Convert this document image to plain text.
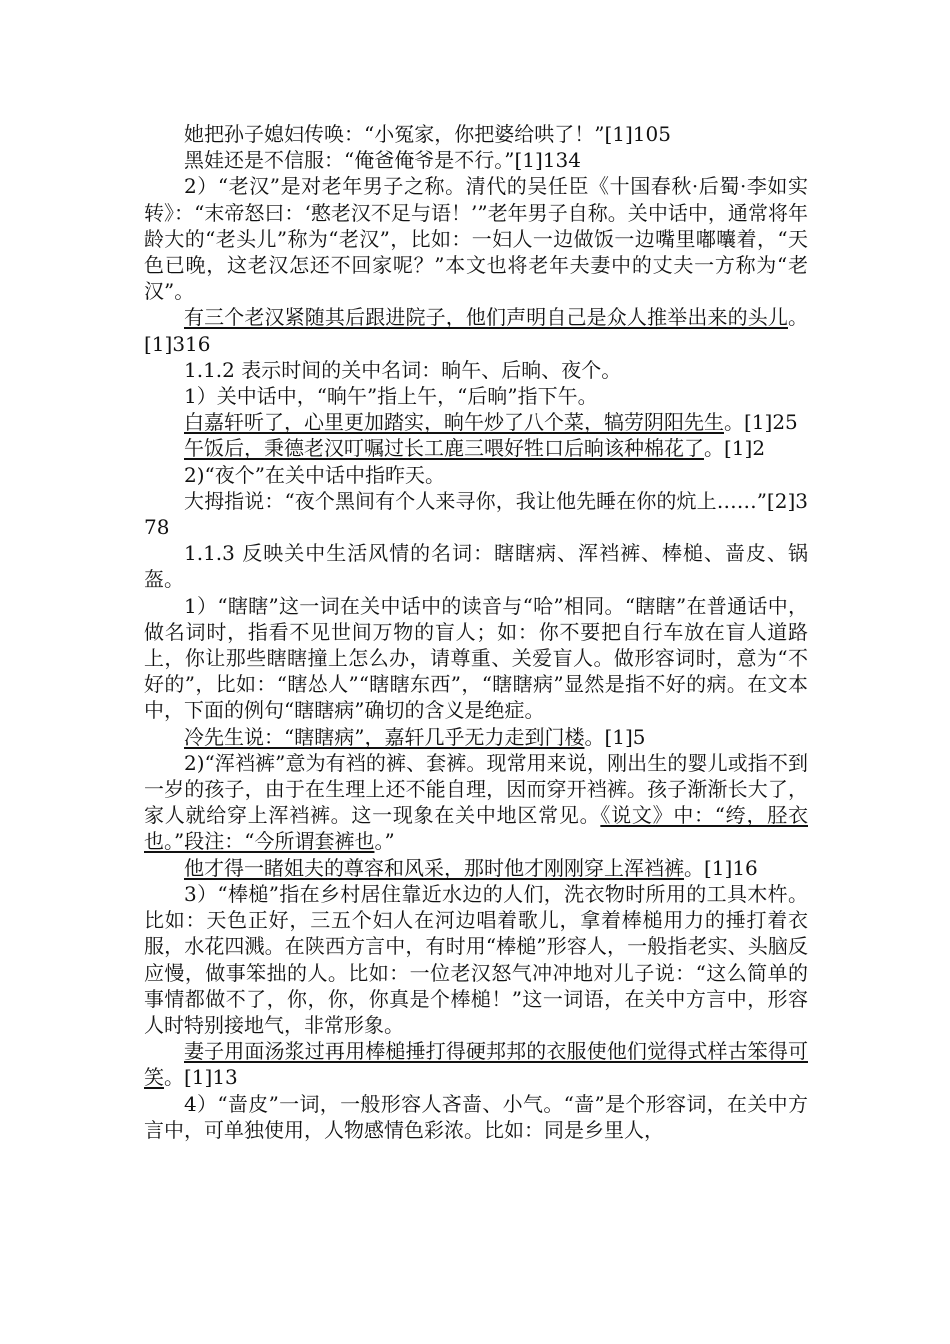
她把孙子媳妇传唤：“小冤家，你把婆给哄了！”[1]105

黑娃还是不信服：“俺爸俺爷是不行。”[1]134

2）“老汉”是对老年男子之称。清代的吴任臣《十国春秋·后蜀·李如实转》：“末帝怒曰：‘憨老汉不足与语！’”老年男子自称。关中话中，通常将年龄大的“老头儿”称为“老汉”，比如：一妇人一边做饭一边嘴里嘟囔着，“天色已晚，这老汉怎还不回家呢？”本文也将老年夫妻中的丈夫一方称为“老汉”。

有三个老汉紧随其后跟进院子，他们声明自己是众人推举出来的头儿。[1]316

1.1.2 表示时间的关中名词：晌午、后晌、夜个。

1）关中话中，“晌午”指上午，“后晌”指下午。

白嘉轩听了，心里更加踏实，晌午炒了八个菜，犒劳阴阳先生。[1]25

午饭后，秉德老汉叮嘱过长工鹿三喂好牲口后晌该种棉花了。[1]2

2)“夜个”在关中话中指昨天。

大拇指说：“夜个黑间有个人来寻你，我让他先睡在你的炕上……”[2]378

1.1.3 反映关中生活风情的名词：瞎瞎病、浑裆裤、棒槌、啬皮、锅盔。

1）“瞎瞎”这一词在关中话中的读音与“哈”相同。“瞎瞎”在普通话中，做名词时，指看不见世间万物的盲人；如：你不要把自行车放在盲人道路上，你让那些瞎瞎撞上怎么办，请尊重、关爱盲人。做形容词时，意为“不好的”，比如：“瞎怂人”“瞎瞎东西”，“瞎瞎病”显然是指不好的病。在文本中，下面的例句“瞎瞎病”确切的含义是绝症。

冷先生说：“瞎瞎病”，嘉轩几乎无力走到门楼。[1]5

2)“浑裆裤”意为有裆的裤、套裤。现常用来说，刚出生的婴儿或指不到一岁的孩子，由于在生理上还不能自理，因而穿开裆裤。孩子渐渐长大了，家人就给穿上浑裆裤。这一现象在关中地区常见。《说文》中：“绔，胫衣也。”段注：“今所谓套裤也。”

他才得一睹姐夫的尊容和风采，那时他才刚刚穿上浑裆裤。[1]16

3）“棒槌”指在乡村居住靠近水边的人们，洗衣物时所用的工具木杵。比如：天色正好，三五个妇人在河边唱着歌儿，拿着棒槌用力的捶打着衣服，水花四溅。在陕西方言中，有时用“棒槌”形容人，一般指老实、头脑反应慢，做事笨拙的人。比如：一位老汉怒气冲冲地对儿子说：“这么简单的事情都做不了，你，你，你真是个棒槌！”这一词语，在关中方言中，形容人时特别接地气，非常形象。

妻子用面汤浆过再用棒槌捶打得硬邦邦的衣服使他们觉得式样古笨得可笑。[1]13

4）“啬皮”一词，一般形容人吝啬、小气。“啬”是个形容词，在关中方言中，可单独使用，人物感情色彩浓。比如：同是乡里人，
